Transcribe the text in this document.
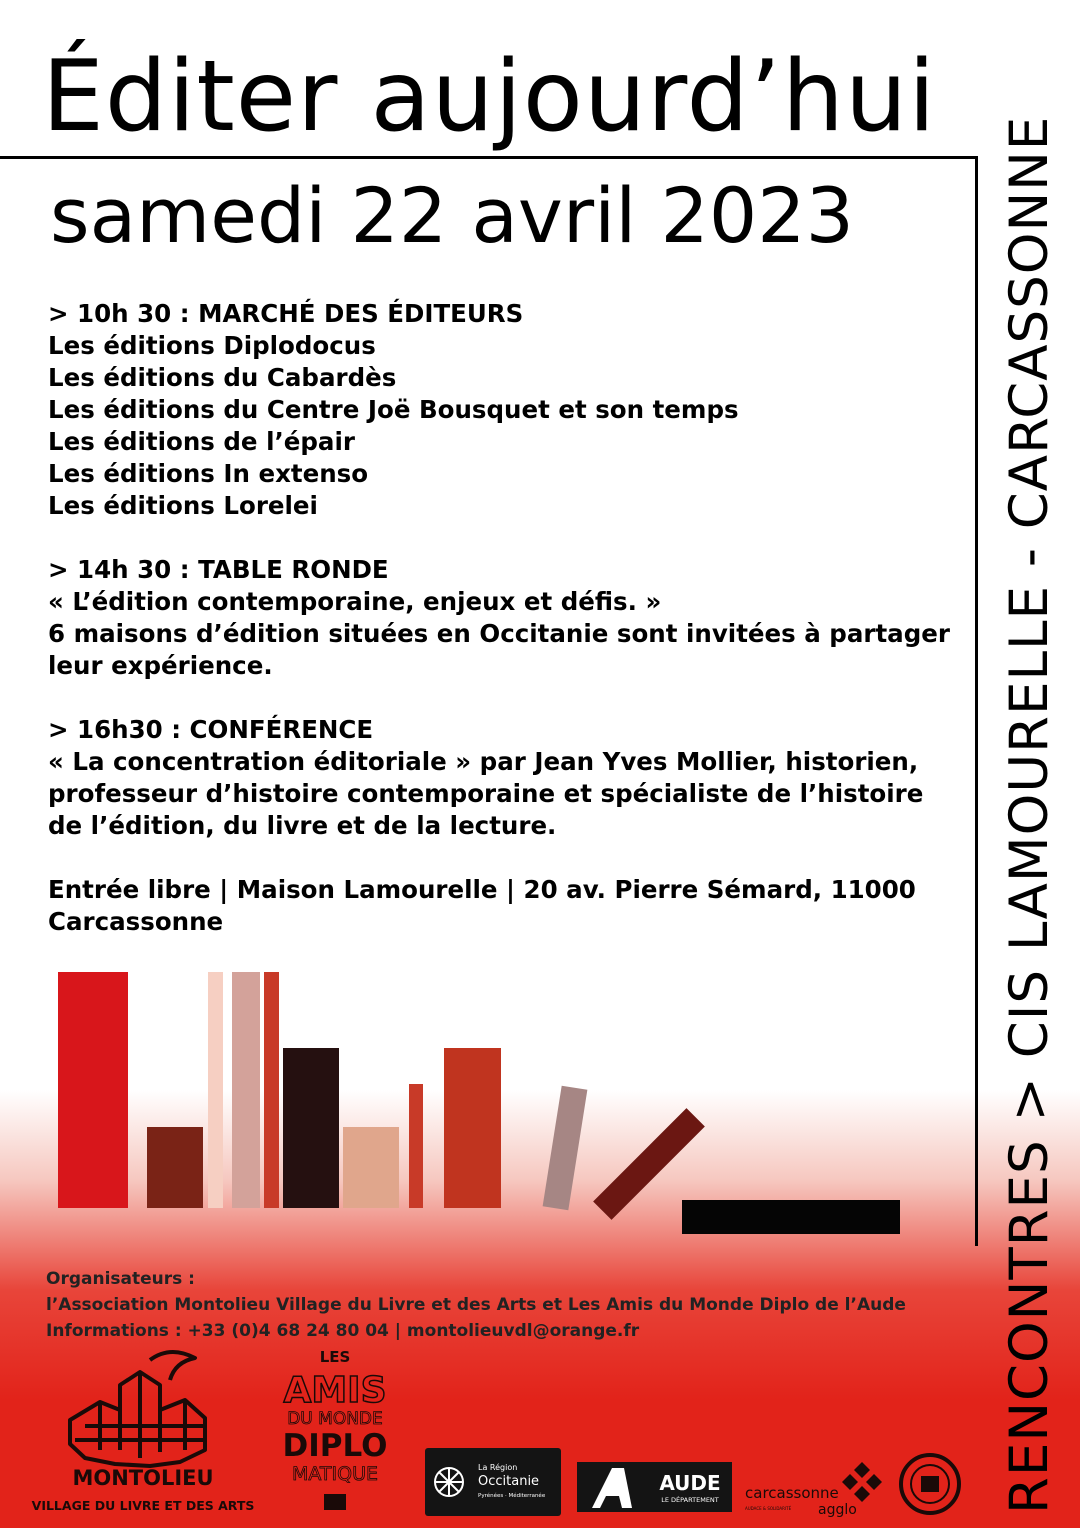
Éditer aujourd’hui
samedi 22 avril 2023	RENCONTRES > CIS LAMOURELLE - CARCASSONNE
> 10h 30 : MARCHÉ DES ÉDITEURS
Les éditions Diplodocus
Les éditions du Cabardès
Les éditions du Centre Joë Bousquet et son temps
Les éditions de l’épair
Les éditions In extenso
Les éditions Lorelei
> 14h 30 : TABLE RONDE
« L’édition contemporaine, enjeux et défis. »
6 maisons d’édition situées en Occitanie sont invitées à partager leur expérience.
> 16h30 : CONFÉRENCE
« La concentration éditoriale » par Jean Yves Mollier, historien, professeur d’histoire contemporaine et spécialiste de l’histoire de l’édition, du livre et de la lecture.
Entrée libre | Maison Lamourelle | 20 av. Pierre Sémard, 11000 Carcassonne
Organisateurs :
l’Association Montolieu Village du Livre et des Arts et Les Amis du Monde Diplo de l’Aude
Informations : +33 (0)4 68 24 80 04 | montolieuvdl@orange.fr
MONTOLIEU
VILLAGE DU LIVRE ET DES ARTS
LES
AMIS
DU MONDE
DIPLO
MATIQUE	La Région
Occitanie
Pyrénées · Méditerranée
AUDE
LE DÉPARTEMENT carcassonne
agglo
AUDACE & SOLIDARITÉ
